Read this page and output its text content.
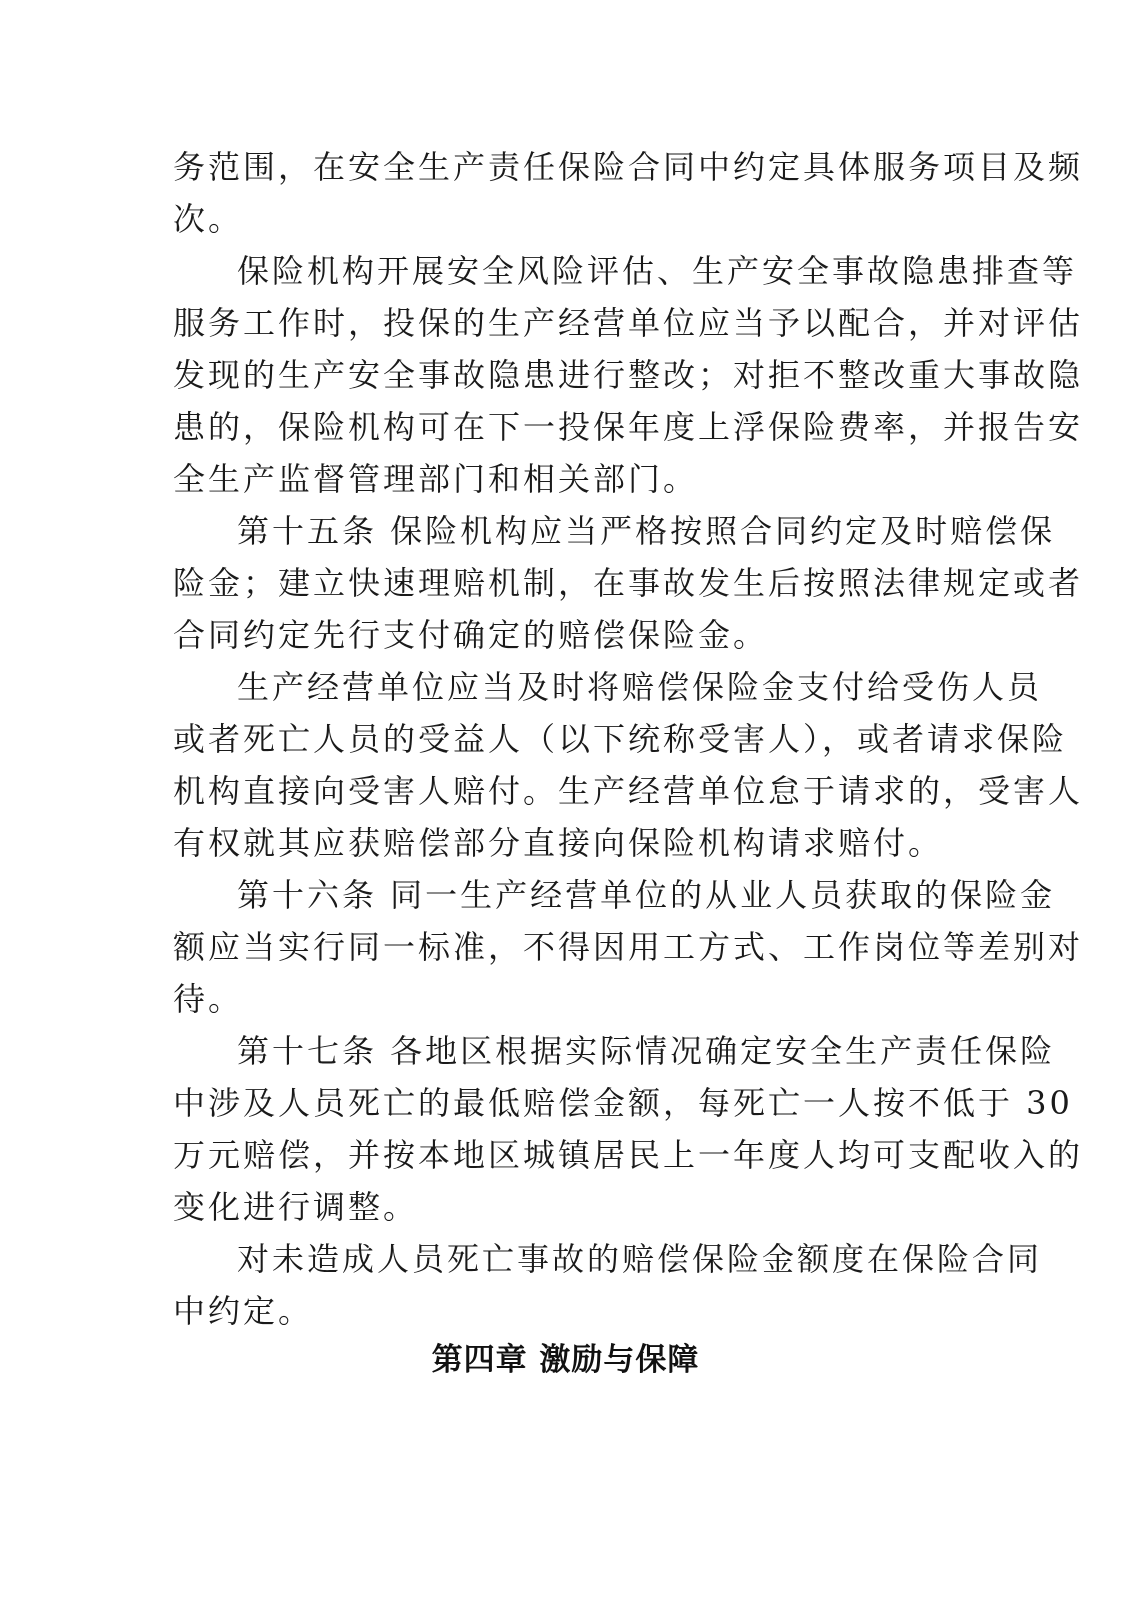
务范围，在安全生产责任保险合同中约定具体服务项目及频
次。

保险机构开展安全风险评估、生产安全事故隐患排查等
服务工作时，投保的生产经营单位应当予以配合，并对评估
发现的生产安全事故隐患进行整改；对拒不整改重大事故隐
患的，保险机构可在下一投保年度上浮保险费率，并报告安
全生产监督管理部门和相关部门。

第十五条 保险机构应当严格按照合同约定及时赔偿保
险金；建立快速理赔机制，在事故发生后按照法律规定或者
合同约定先行支付确定的赔偿保险金。

生产经营单位应当及时将赔偿保险金支付给受伤人员
或者死亡人员的受益人（以下统称受害人），或者请求保险
机构直接向受害人赔付。生产经营单位怠于请求的，受害人
有权就其应获赔偿部分直接向保险机构请求赔付。

第十六条 同一生产经营单位的从业人员获取的保险金
额应当实行同一标准，不得因用工方式、工作岗位等差别对
待。

第十七条 各地区根据实际情况确定安全生产责任保险
中涉及人员死亡的最低赔偿金额，每死亡一人按不低于 30
万元赔偿，并按本地区城镇居民上一年度人均可支配收入的
变化进行调整。

对未造成人员死亡事故的赔偿保险金额度在保险合同
中约定。

第四章 激励与保障
